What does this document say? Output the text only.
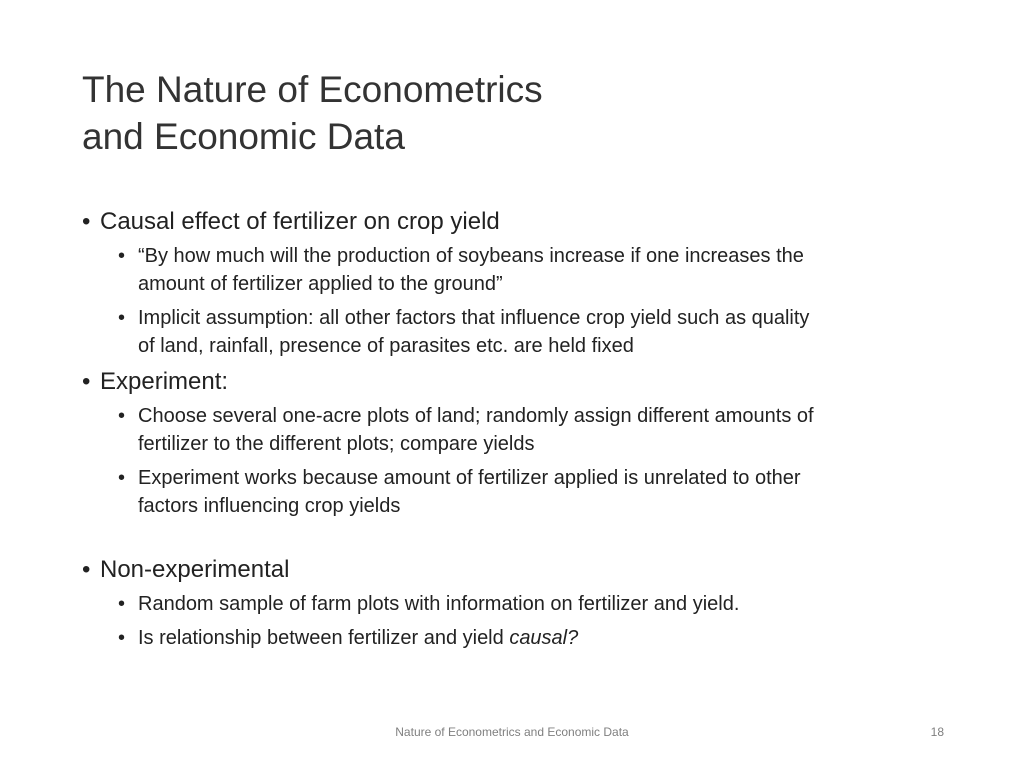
The Nature of Econometrics
and Economic Data
• Causal effect of fertilizer on crop yield
• “By how much will the production of soybeans increase if one increases the
amount of fertilizer applied to the ground”
• Implicit assumption: all other factors that influence crop yield such as quality
of land, rainfall, presence of parasites etc. are held fixed
• Experiment:
• Choose several one-acre plots of land; randomly assign different amounts of
fertilizer to the different plots; compare yields
• Experiment works because amount of fertilizer applied is unrelated to other
factors influencing crop yields
• Non-experimental
• Random sample of farm plots with information on fertilizer and yield.
• Is relationship between fertilizer and yield causal?
Nature of Econometrics and Economic Data	18
